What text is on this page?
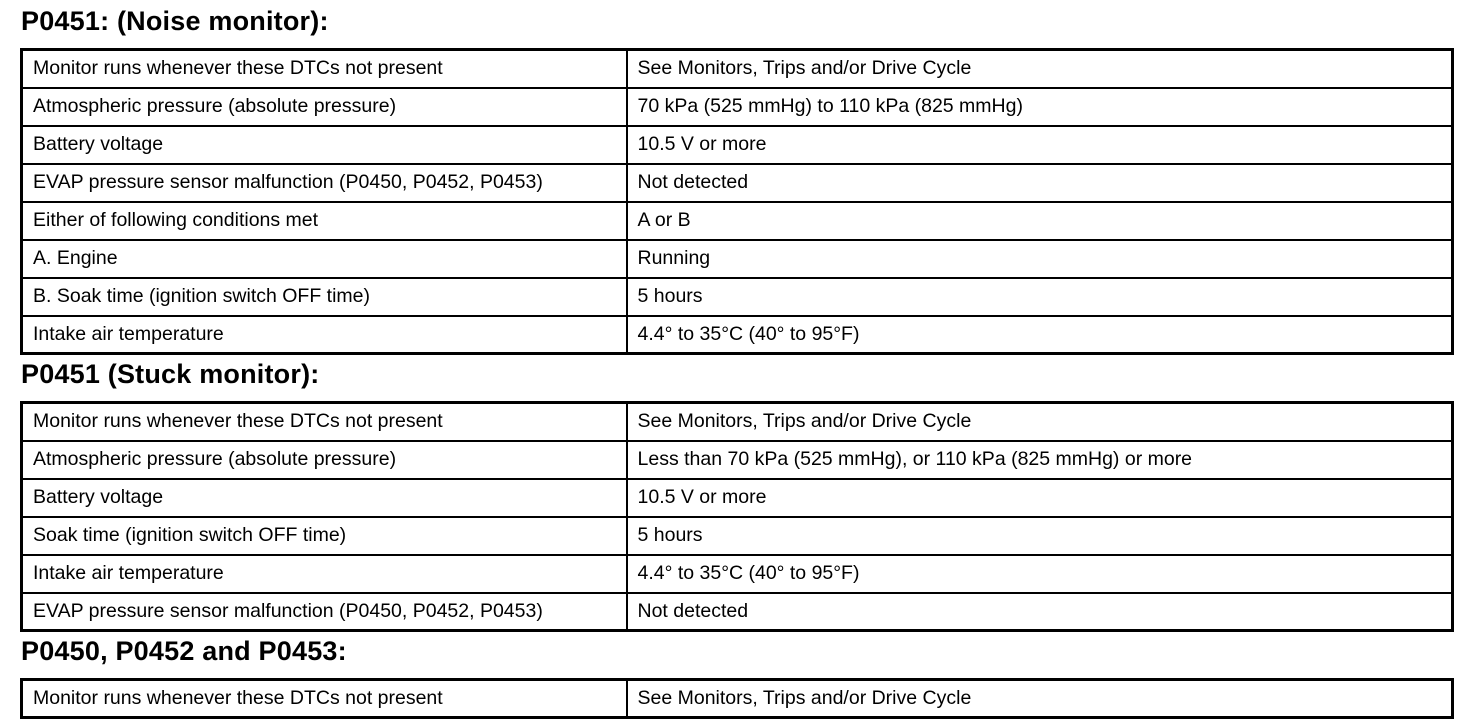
P0451: (Noise monitor):
Monitor runs whenever these DTCs not present	See Monitors, Trips and/or Drive Cycle
Atmospheric pressure (absolute pressure)	70 kPa (525 mmHg) to 110 kPa (825 mmHg)
Battery voltage	10.5 V or more
EVAP pressure sensor malfunction (P0450, P0452, P0453)	Not detected
Either of following conditions met	A or B
A. Engine	Running
B. Soak time (ignition switch OFF time)	5 hours
Intake air temperature	4.4° to 35°C (40° to 95°F)
P0451 (Stuck monitor):
Monitor runs whenever these DTCs not present	See Monitors, Trips and/or Drive Cycle
Atmospheric pressure (absolute pressure)	Less than 70 kPa (525 mmHg), or 110 kPa (825 mmHg) or more
Battery voltage	10.5 V or more
Soak time (ignition switch OFF time)	5 hours
Intake air temperature	4.4° to 35°C (40° to 95°F)
EVAP pressure sensor malfunction (P0450, P0452, P0453)	Not detected
P0450, P0452 and P0453:
Monitor runs whenever these DTCs not present	See Monitors, Trips and/or Drive Cycle
